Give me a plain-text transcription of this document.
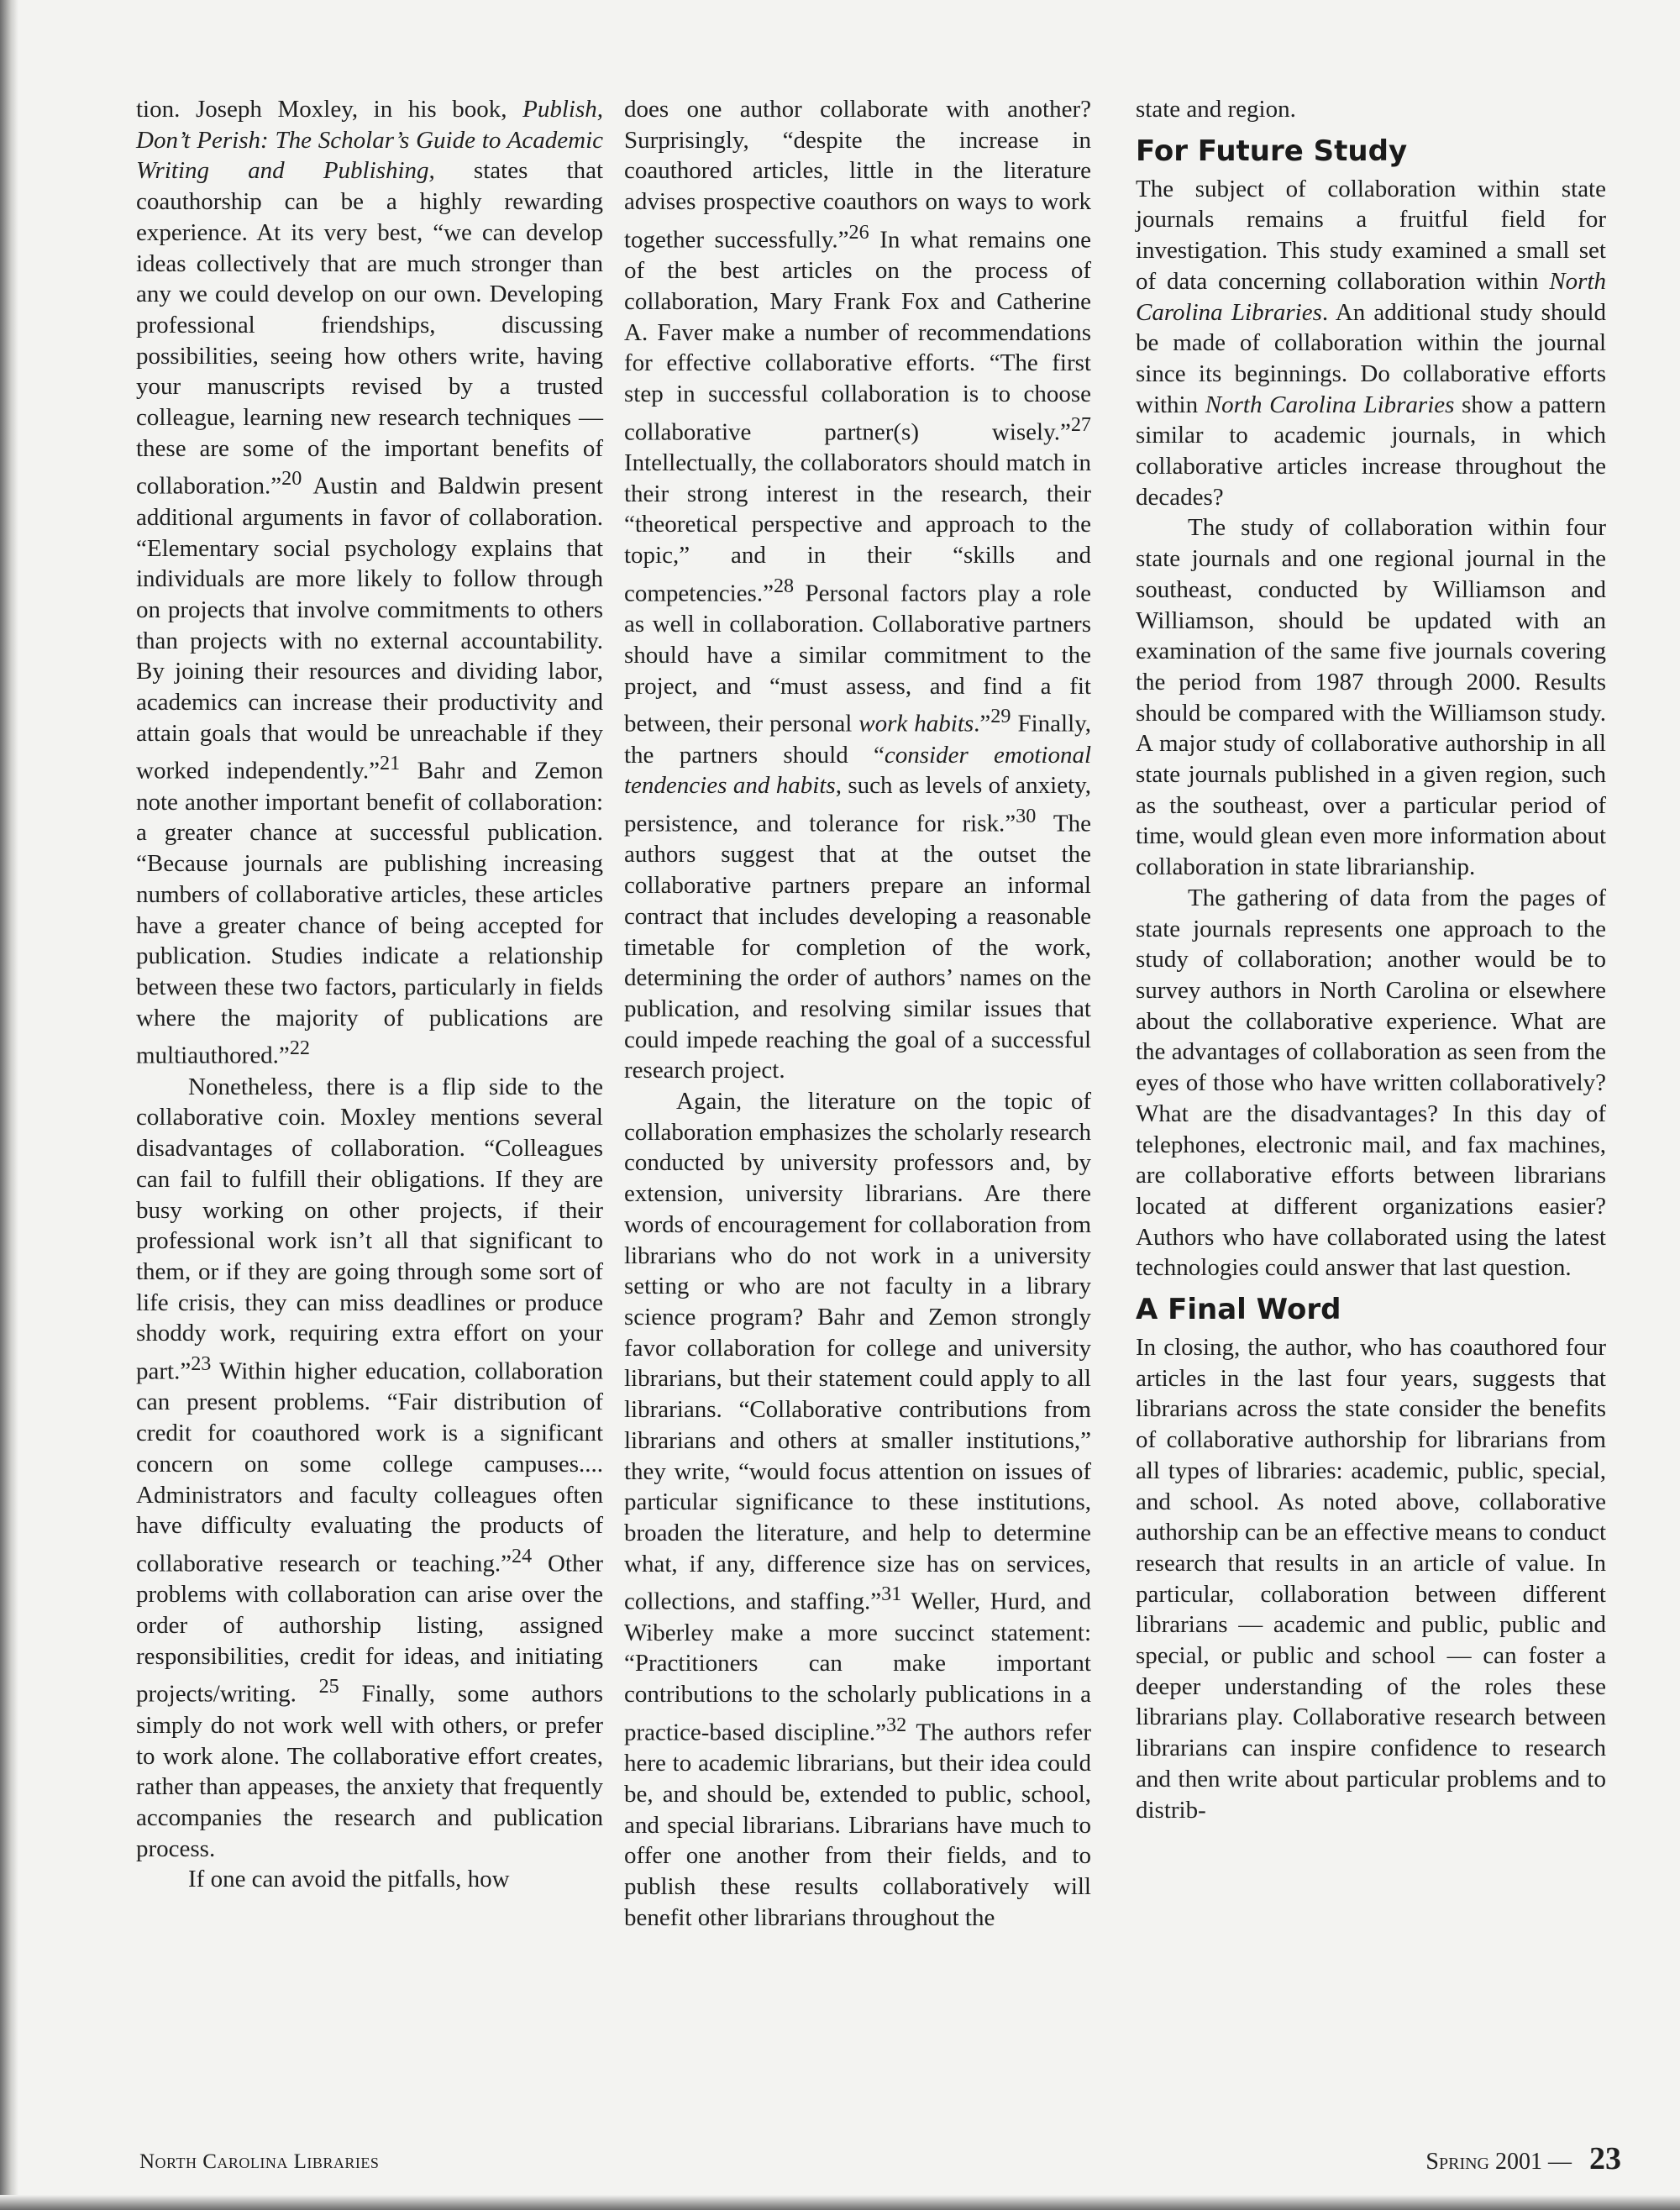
tion. Joseph Moxley, in his book, Publish, Don’t Perish: The Scholar’s Guide to Academic Writing and Publishing, states that coauthorship can be a highly rewarding experience. At its very best, “we can develop ideas collectively that are much stronger than any we could develop on our own. Developing professional friendships, discussing possibilities, seeing how others write, having your manuscripts revised by a trusted colleague, learning new research techniques — these are some of the important benefits of collaboration.”$^{20}$ Austin and Baldwin present additional arguments in favor of collaboration. “Elementary social psychology explains that individuals are more likely to follow through on projects that involve commitments to others than projects with no external accountability. By joining their resources and dividing labor, academics can increase their productivity and attain goals that would be unreachable if they worked independently.”$^{21}$ Bahr and Zemon note another important benefit of collaboration: a greater chance at successful publication. “Because journals are publishing increasing numbers of collaborative articles, these articles have a greater chance of being accepted for publication. Studies indicate a relationship between these two factors, particularly in fields where the majority of publications are multiauthored.”$^{22}$

Nonetheless, there is a flip side to the collaborative coin. Moxley mentions several disadvantages of collaboration. “Colleagues can fail to fulfill their obligations. If they are busy working on other projects, if their professional work isn’t all that significant to them, or if they are going through some sort of life crisis, they can miss deadlines or produce shoddy work, requiring extra effort on your part.”$^{23}$ Within higher education, collaboration can present problems. “Fair distribution of credit for coauthored work is a significant concern on some college campuses.... Administrators and faculty colleagues often have difficulty evaluating the products of collaborative research or teaching.”$^{24}$ Other problems with collaboration can arise over the order of authorship listing, assigned responsibilities, credit for ideas, and initiating projects/writing. $^{25}$ Finally, some authors simply do not work well with others, or prefer to work alone. The collaborative effort creates, rather than appeases, the anxiety that frequently accompanies the research and publication process.

If one can avoid the pitfalls, how

does one author collaborate with another? Surprisingly, “despite the increase in coauthored articles, little in the literature advises prospective coauthors on ways to work together successfully.”$^{26}$ In what remains one of the best articles on the process of collaboration, Mary Frank Fox and Catherine A. Faver make a number of recommendations for effective collaborative efforts. “The first step in successful collaboration is to choose collaborative partner(s) wisely.”$^{27}$ Intellectually, the collaborators should match in their strong interest in the research, their “theoretical perspective and approach to the topic,” and in their “skills and competencies.”$^{28}$ Personal factors play a role as well in collaboration. Collaborative partners should have a similar commitment to the project, and “must assess, and find a fit between, their personal work habits.”$^{29}$ Finally, the partners should “consider emotional tendencies and habits, such as levels of anxiety, persistence, and tolerance for risk.”$^{30}$ The authors suggest that at the outset the collaborative partners prepare an informal contract that includes developing a reasonable timetable for completion of the work, determining the order of authors’ names on the publication, and resolving similar issues that could impede reaching the goal of a successful research project.

Again, the literature on the topic of collaboration emphasizes the scholarly research conducted by university professors and, by extension, university librarians. Are there words of encouragement for collaboration from librarians who do not work in a university setting or who are not faculty in a library science program? Bahr and Zemon strongly favor collaboration for college and university librarians, but their statement could apply to all librarians. “Collaborative contributions from librarians and others at smaller institutions,” they write, “would focus attention on issues of particular significance to these institutions, broaden the literature, and help to determine what, if any, difference size has on services, collections, and staffing.”$^{31}$ Weller, Hurd, and Wiberley make a more succinct statement: “Practitioners can make important contributions to the scholarly publications in a practice-based discipline.”$^{32}$ The authors refer here to academic librarians, but their idea could be, and should be, extended to public, school, and special librarians. Librarians have much to offer one another from their fields, and to publish these results collaboratively will benefit other librarians throughout the

state and region.

For Future Study

The subject of collaboration within state journals remains a fruitful field for investigation. This study examined a small set of data concerning collaboration within North Carolina Libraries. An additional study should be made of collaboration within the journal since its beginnings. Do collaborative efforts within North Carolina Libraries show a pattern similar to academic journals, in which collaborative articles increase throughout the decades?

The study of collaboration within four state journals and one regional journal in the southeast, conducted by Williamson and Williamson, should be updated with an examination of the same five journals covering the period from 1987 through 2000. Results should be compared with the Williamson study. A major study of collaborative authorship in all state journals published in a given region, such as the southeast, over a particular period of time, would glean even more information about collaboration in state librarianship.

The gathering of data from the pages of state journals represents one approach to the study of collaboration; another would be to survey authors in North Carolina or elsewhere about the collaborative experience. What are the advantages of collaboration as seen from the eyes of those who have written collaboratively? What are the disadvantages? In this day of telephones, electronic mail, and fax machines, are collaborative efforts between librarians located at different organizations easier? Authors who have collaborated using the latest technologies could answer that last question.

A Final Word

In closing, the author, who has coauthored four articles in the last four years, suggests that librarians across the state consider the benefits of collaborative authorship for librarians from all types of libraries: academic, public, special, and school. As noted above, collaborative authorship can be an effective means to conduct research that results in an article of value. In particular, collaboration between different librarians — academic and public, public and special, or public and school — can foster a deeper understanding of the roles these librarians play. Collaborative research between librarians can inspire confidence to research and then write about particular problems and to distrib-

North Carolina Libraries	Spring 2001 — 23
